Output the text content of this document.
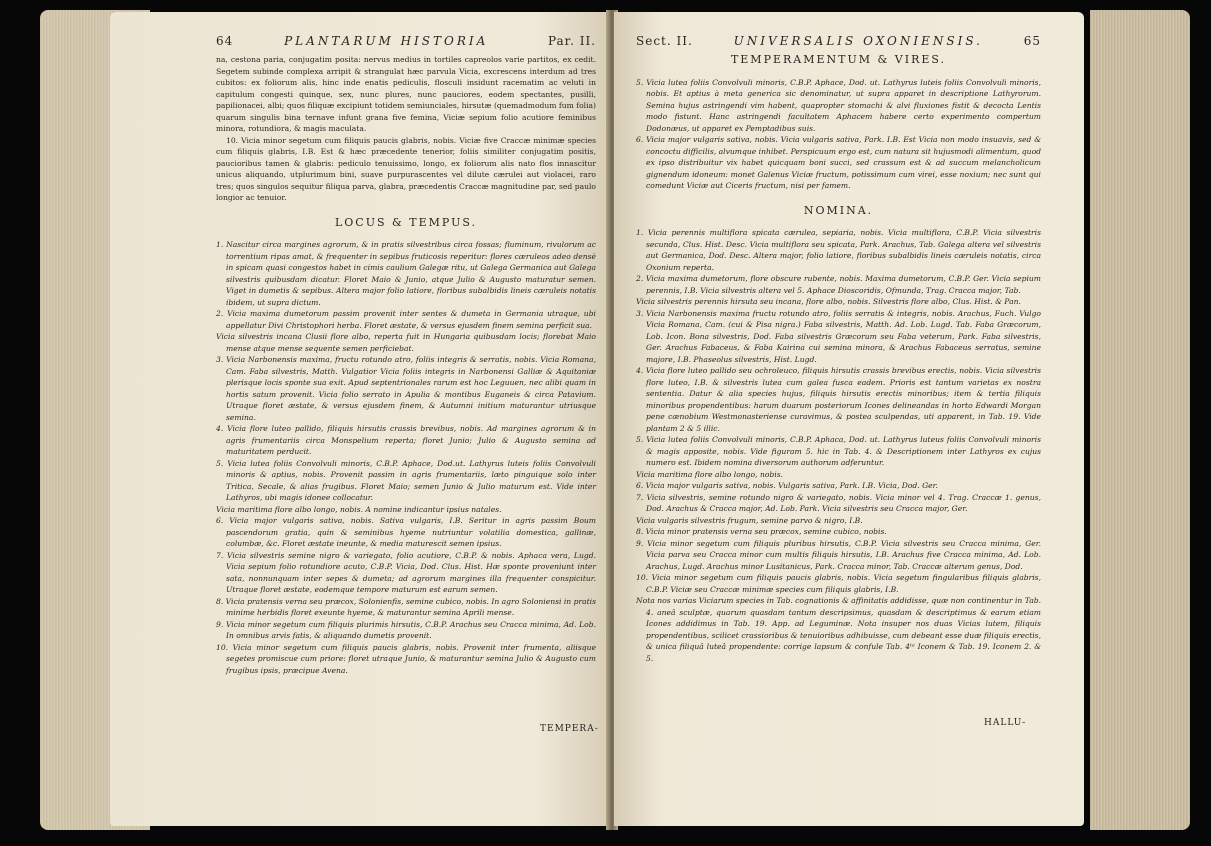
64	PLANTARUM HISTORIA	Par. II.

na, cestona paria, conjugatim posita: nervus medius in tortiles capreolos varie partitos, ex cedit. Segetem subinde complexa arripit & strangulat hæc parvula Vicia, excrescens interdum ad tres cubitos: ex foliorum alis, hinc inde enatis pediculis, flosculi insidunt racematim ac veluti in capitulum congesti quinque, sex, nunc plures, nunc pauciores, eodem spectantes, pusilli, papilionacei, albi; quos filiquæ excipiunt totidem semiunciales, hirsutæ (quemadmodum fum folia) quarum singulis bina ternave infunt grana five femina, Viciæ sepium folio acutiore feminibus minora, rotundiora, & magis maculata.

10. Vicia minor segetum cum filiquis paucis glabris, nobis. Viciæ five Craccæ minimæ species cum filiquis glabris, I.B. Est & hæc præcedente tenerior, foliis similiter conjugatim positis, paucioribus tamen & glabris: pediculo tenuissimo, longo, ex foliorum alis nato flos innascitur unicus aliquando, utplurimum bini, suave purpurascentes vel dilute cærulei aut violacei, raro tres; quos singulos sequitur filiqua parva, glabra, præcedentis Craccæ magnitudine par, sed paulo longior ac tenuior.

LOCUS & TEMPUS.

1. Nascitur circa margines agrorum, & in pratis silvestribus circa fossas; fluminum, rivulorum ac torrentium ripas amat, & frequenter in sepibus fruticosis reperitur: flores cæruleos adeo densè in spicam quasi congestos habet in cimis caulium Galegæ ritu, ut Galega Germanica aut Galega silvestris quibusdam dicatur. Floret Maio & Junio, atque Julio & Augusto maturatur semen. Viget in dumetis & sepibus. Altera major folio latiore, floribus subalbidis lineis cæruleis notatis ibidem, ut supra dictum.

2. Vicia maxima dumetorum passim provenit inter sentes & dumeta in Germania utraque, ubi appellatur Divi Christophori herba. Floret æstate, & versus ejusdem finem semina perficit sua.

Vicia silvestris incana Clusii flore albo, reperta fuit in Hungaria quibusdam locis; florebat Maio mense atque mense sequente semen perficiebat.

3. Vicia Narbonensis maxima, fructu rotundo atro, foliis integris & serratis, nobis. Vicia Romana, Cam. Faba silvestris, Matth. Vulgatior Vicia foliis integris in Narbonensi Galliæ & Aquitaniæ plerisque locis sponte sua exit. Apud septentrionales rarum est hoc Leguuen, nec alibi quam in hortis satum provenit. Vicia folio serrato in Apulia & montibus Euganeis & circa Patavium. Utraque floret æstate, & versus ejusdem finem, & Autumni initium maturantur utriusque semina.

4. Vicia flore luteo pallido, filiquis hirsutis crassis brevibus, nobis. Ad margines agrorum & in agris frumentariis circa Monspelium reperta; floret Junio; Julio & Augusto semina ad maturitatem perducit.

5. Vicia lutea foliis Convolvuli minoris, C.B.P. Aphace, Dod.ut. Lathyrus luteis foliis Convolvuli minoris & aptius, nobis. Provenit passim in agris frumentariis, læto pinguique solo inter Tritica, Secale, & alias frugibus. Floret Maio; semen Junio & Julio maturum est. Vide inter Lathyros, ubi magis idonee collocatur.

Vicia maritima flore albo longo, nobis. A nomine indicantur ipsius natales.

6. Vicia major vulgaris sativa, nobis. Sativa vulgaris, I.B. Seritur in agris passim Boum pascendorum gratia, quin & seminibus hyeme nutriuntur volatilia domestica, gallinæ, columbæ, &c. Floret æstate ineunte, & media maturescit semen ipsius.

7. Vicia silvestris semine nigro & variegato, folio acutiore, C.B.P. & nobis. Aphaca vera, Lugd. Vicia sepium folio rotundiore acuto, C.B.P. Vicia, Dod. Clus. Hist. Hæ sponte proveniunt inter sata, nonnunquam inter sepes & dumeta; ad agrorum margines illa frequenter conspicitur. Utraque floret æstate, eodemque tempore maturum est earum semen.

8. Vicia pratensis verna seu præcox, Solonienfis, semine cubico, nobis. In agro Soloniensi in pratis minime herbidis floret exeunte hyeme, & maturantur semina Aprili mense.

9. Vicia minor segetum cum filiquis plurimis hirsutis, C.B.P. Arachus seu Cracca minima, Ad. Lob. In omnibus arvis fatis, & aliquando dumetis provenit.

10. Vicia minor segetum cum filiquis paucis glabris, nobis. Provenit inter frumenta, aliisque segetes promiscue cum priore: floret utraque Junio, & maturantur semina Julio & Augusto cum frugibus ipsis, præcipue Avena.

TEMPERA-
Sect. II.	UNIVERSALIS OXONIENSIS.	65
TEMPERAMENTUM & VIRES.

5. Vicia lutea foliis Convolvuli minoris, C.B.P. Aphace, Dod. ut. Lathyrus luteis foliis Convolvuli minoris, nobis. Et aptius à meta generica sic denominatur, ut supra apparet in descriptione Lathyrorum. Semina hujus astringendi vim habent, quapropter stomachi & alvi fluxiones fistit & decocta Lentis modo fistunt. Hanc astringendi facultatem Aphacem habere certo experimento compertum Dodonæus, ut apparet ex Pemptadibus suis.

6. Vicia major vulgaris sativa, nobis. Vicia vulgaris sativa, Park. I.B. Est Vicia non modo insuavis, sed & concoctu difficilis, alvumque inhibet. Perspicuum ergo est, cum natura sit hujusmodi alimentum, quod ex ipso distribuitur vix habet quicquam boni succi, sed crassum est & ad succum melancholicum gignendum idoneum: monet Galenus Viciæ fructum, potissimum cum virei, esse noxium; nec sunt qui comedunt Viciæ aut Ciceris fructum, nisi per famem.

NOMINA.

1. Vicia perennis multiflora spicata cærulea, sepiaria, nobis. Vicia multiflora, C.B.P. Vicia silvestris secunda, Clus. Hist. Desc. Vicia multiflora seu spicata, Park. Arachus, Tab. Galega altera vel silvestris aut Germanica, Dod. Desc. Altera major, folio latiore, floribus subalbidis lineis cæruleis notatis, circa Oxonium reperta.

2. Vicia maxima dumetorum, flore obscure rubente, nobis. Maxima dumetorum, C.B.P. Ger. Vicia sepium perennis, I.B. Vicia silvestris altera vel 5. Aphace Dioscoridis, Ofmunda, Trag. Cracca major, Tab.

Vicia silvestris perennis hirsuta seu incana, flore albo, nobis. Silvestris flore albo, Clus. Hist. & Pan.

3. Vicia Narbonensis maxima fructu rotundo atro, foliis serratis & integris, nobis. Arachus, Fuch. Vulgo Vicia Romana, Cam. (cui & Pisa nigra.) Faba silvestris, Matth. Ad. Lob. Lugd. Tab. Faba Græcorum, Lob. Icon. Bona silvestris, Dod. Faba silvestris Græcorum seu Faba veterum, Park. Faba silvestris, Ger. Arachus Fabaceus, & Faba Kairina cui semina minora, & Arachus Fabaceus serratus, semine majore, I.B. Phaseolus silvestris, Hist. Lugd.

4. Vicia flore luteo pallido seu ochroleuco, filiquis hirsutis crassis brevibus erectis, nobis. Vicia silvestris flore luteo, I.B. & silvestris lutea cum galea fusca eadem. Prioris est tantum varietas ex nostra sententia. Datur & alia species hujus, filiquis hirsutis erectis minoribus; item & tertia filiquis minoribus propendentibus: harum duarum posteriorum Icones delineandas in horto Edwardi Morgan pene cænobium Westmonasteriense curavimus, & postea sculpendas, uti apparent, in Tab. 19. Vide plantam 2 & 5 illic.

5. Vicia lutea foliis Convolvuli minoris, C.B.P. Aphaca, Dod. ut. Lathyrus luteus foliis Convolvuli minoris & magis apposite, nobis. Vide figuram 5. hic in Tab. 4. & Descriptionem inter Lathyros ex cujus numero est. Ibidem nomina diversorum authorum adferuntur.

Vicia maritima flore albo longo, nobis.

6. Vicia major vulgaris sativa, nobis. Vulgaris sativa, Park. I.B. Vicia, Dod. Ger.

7. Vicia silvestris, semine rotundo nigro & variegato, nobis. Vicia minor vel 4. Trag. Craccæ 1. genus, Dod. Arachus & Cracca major, Ad. Lob. Park. Vicia silvestris seu Cracca major, Ger.

Vicia vulgaris silvestris frugum, semine parvo & nigro, I.B.

8. Vicia minor pratensis verna seu præcox, semine cubico, nobis.

9. Vicia minor segetum cum filiquis pluribus hirsutis, C.B.P. Vicia silvestris seu Cracca minima, Ger. Vicia parva seu Cracca minor cum multis filiquis hirsutis, I.B. Arachus five Cracca minima, Ad. Lob. Arachus, Lugd. Arachus minor Lusitanicus, Park. Cracca minor, Tab. Craccæ alterum genus, Dod.

10. Vicia minor segetum cum filiquis paucis glabris, nobis. Vicia segetum fingularibus filiquis glabris, C.B.P. Viciæ seu Craccæ minimæ species cum filiquis glabris, I.B.

Nota nos varias Viciarum species in Tab. cognationis & affinitatis addidisse, quæ non continentur in Tab. 4. aneâ sculptæ, quarum quasdam tantum descripsimus, quasdam & descriptimus & earum etiam Icones addidimus in Tab. 19. App. ad Leguminæ. Nota insuper nos duas Vicias lutem, filiquis propendentibus, scilicet crassioribus & tenuioribus adhibuisse, cum debeant esse duæ filiquis erectis, & unica filiquâ luteâ propendente: corrige lapsum & confule Tab. 4ᵗᵃ Iconem & Tab. 19. Iconem 2. & 5.

HALLU-
